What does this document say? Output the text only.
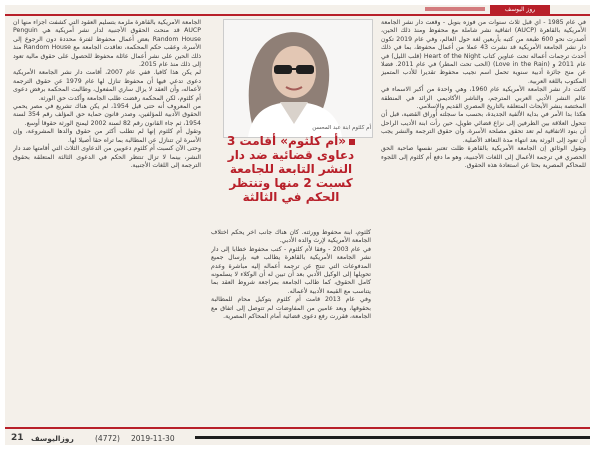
روز اليوسف

في عام 1985 - أي قبل ثلاث سنوات من فوزه بنوبل - وقعت دار نشر الجامعة الأمريكية بالقاهرة (AUCP) اتفاقية نشر شاملة مع محفوظ ومنذ ذلك الحين، أصدرت نحو 600 طبعة من كتبه بأربعين لغة حول العالم، وفي عام 2019 تكون دار نشر الجامعة الأمريكية قد نشرت 43 عملا من أعمال محفوظ، بما في ذلك أحدث ترجمات أعماله تحت عناوين كتاب Heart of the Night (قلب الليل) في عام 2011 و (Love in the Rain) (الحب تحت المطر) في عام 2011. فضلا عن منح جائزة أدبية سنوية تحمل اسم نجيب محفوظ تقديرا للأدب المتميز المكتوب باللغة العربية.

كانت دار نشر الجامعة الأمريكية عام 1960، وهي واحدة من أكبر الاسماء في عالم النشر الأدبي العربي المترجم، والناشر الأكاديمي الرائد في المنطقة المختصة بنشر الأبحاث المتعلقة بالتاريخ المصري القديم والإسلامي.

هكذا بدا الأمر في بداية الألفية الجديدة، بحسب ما سجلته أوراق القضية، قبل أن تتحول العلاقة بين الطرفين إلى نزاع قضائي طويل، حين رأت ابنة الأديب الراحل أن بنود الاتفاقية لم تعد تحقق مصلحة الأسرة، وأن حقوق الترجمة والنشر يجب أن تعود إلى الورثة بعد انتهاء مدة التعاقد الأصلية.

وتقول الوثائق إن الجامعة الأمريكية بالقاهرة ظلت تعتبر نفسها صاحبة الحق الحصري في ترجمة الأعمال إلى اللغات الأجنبية، وهو ما دفع أم كلثوم إلى اللجوء للمحاكم المصرية بحثا عن استعادة هذه الحقوق.

أم كلثوم ابنة عبد المحسن
«أم كلثوم» أقامت 3 دعاوى قضائية ضد دار النشر التابعة للجامعة كسبت 2 منها وتنتظر الحكم في الثالثة

كلثوم، ابنة محفوظ وورثته. كان هناك جانب آخر يحكم اختلاف الجامعة الأمريكية لإرث والده الأدبي.

في عام 2003 - وفقا لأم كلثوم - كتب محفوظ خطابا إلى دار نشر الجامعة الأمريكية بالقاهرة يطالب فيه بإرسال جميع المدفوعات التي تنتج عن ترجمة أعماله إليه مباشرة وعدم تحويلها إلى الوكيل الأدبي بعد أن تبين له أن الوكلاء لا يسلمونه كامل الحقوق، كما طالب الجامعة بمراجعة شروط العقد بما يتناسب مع القيمة الأدبية لأعماله.

وفي عام 2013 قامت أم كلثوم بتوكيل محام للمطالبة بحقوقها، وبعد عامين من المفاوضات لم تتوصل إلى اتفاق مع الجامعة، فقررت رفع دعوى قضائية أمام المحاكم المصرية.

الجامعة الأمريكية بالقاهرة ملزمة بتسليم العقود التي كشفت أجزاء منها أن AUCP قد منحت الحقوق الأجنبية لدار نشر أمريكية هي Penguin Random House بعض أعمال محفوظ لفترة محددة دون الرجوع إلى الأسرة، وعقب حكم المحكمة، تعاقدت الجامعة مع Random House منذ ذلك الحين على نشر أعمال عائلة محفوظ للحصول على حقوق مالية تعود إلى ذلك منذ عام 2015.

لم يكن هذا كافيا. ففي عام 2007، أقامت دار نشر الجامعة الأمريكية دعوى تدعي فيها أن محفوظ تنازل لها عام 1979 عن حقوق الترجمة لأعماله، وأن العقد لا يزال ساري المفعول، وطالبت المحكمة برفض دعوى أم كلثوم، لكن المحكمة رفضت طلب الجامعة وأكدت حق الورثة.

من المعروف أنه حتى قبل 1954، لم يكن هناك تشريع في مصر يحمي الحقوق الأدبية للمؤلفين، وصدر قانون حماية حق المؤلف رقم 354 لسنة 1954، ثم جاء القانون رقم 82 لسنة 2002 ليمنح الورثة حقوقا أوسع.

وتقول أم كلثوم إنها لم تطلب أكثر من حقوق والدها المشروعة، وإن الأسرة لن تتنازل عن المطالبة بما تراه حقا أصيلا لها.

وحتى الآن كسبت أم كلثوم دعويين من الدعاوى الثلاث التي أقامتها ضد دار النشر، بينما لا تزال تنتظر الحكم في الدعوى الثالثة المتعلقة بحقوق الترجمة إلى اللغات الأجنبية.

21 روزاليوسف	(4772) 2019-11-30
